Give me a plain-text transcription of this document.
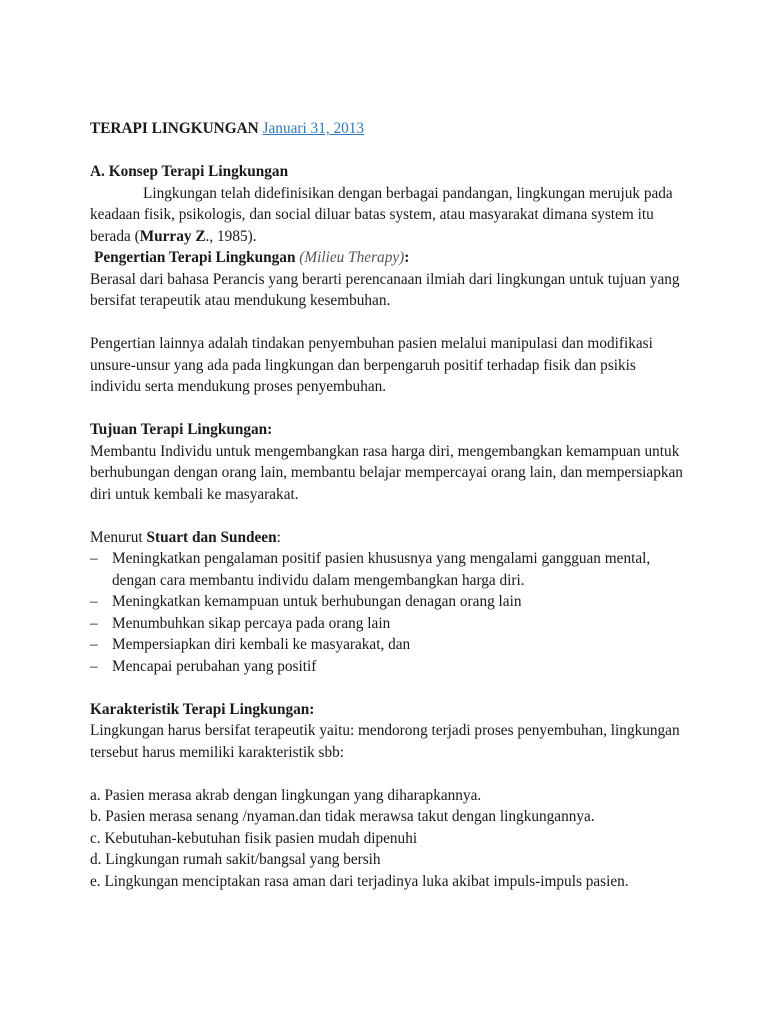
TERAPI LINGKUNGAN Januari 31, 2013

A. Konsep Terapi Lingkungan

Lingkungan telah didefinisikan dengan berbagai pandangan, lingkungan merujuk pada keadaan fisik, psikologis, dan social diluar batas system, atau masyarakat dimana system itu berada (Murray Z., 1985).

Pengertian Terapi Lingkungan (Milieu Therapy):

Berasal dari bahasa Perancis yang berarti perencanaan ilmiah dari lingkungan untuk tujuan yang bersifat terapeutik atau mendukung kesembuhan.

Pengertian lainnya adalah tindakan penyembuhan pasien melalui manipulasi dan modifikasi unsure-unsur yang ada pada lingkungan dan berpengaruh positif terhadap fisik dan psikis individu serta mendukung proses penyembuhan.

Tujuan Terapi Lingkungan:

Membantu Individu untuk mengembangkan rasa harga diri, mengembangkan kemampuan untuk berhubungan dengan orang lain, membantu belajar mempercayai orang lain, dan mempersiapkan diri untuk kembali ke masyarakat.

Menurut Stuart dan Sundeen:

– Meningkatkan pengalaman positif pasien khususnya yang mengalami gangguan mental, dengan cara membantu individu dalam mengembangkan harga diri.

– Meningkatkan kemampuan untuk berhubungan denagan orang lain

– Menumbuhkan sikap percaya pada orang lain

– Mempersiapkan diri kembali ke masyarakat, dan

– Mencapai perubahan yang positif

Karakteristik Terapi Lingkungan:

Lingkungan harus bersifat terapeutik yaitu: mendorong terjadi proses penyembuhan, lingkungan tersebut harus memiliki karakteristik sbb:

a. Pasien merasa akrab dengan lingkungan yang diharapkannya.

b. Pasien merasa senang /nyaman.dan tidak merawsa takut dengan lingkungannya.

c. Kebutuhan-kebutuhan fisik pasien mudah dipenuhi

d. Lingkungan rumah sakit/bangsal yang bersih

e. Lingkungan menciptakan rasa aman dari terjadinya luka akibat impuls-impuls pasien.
